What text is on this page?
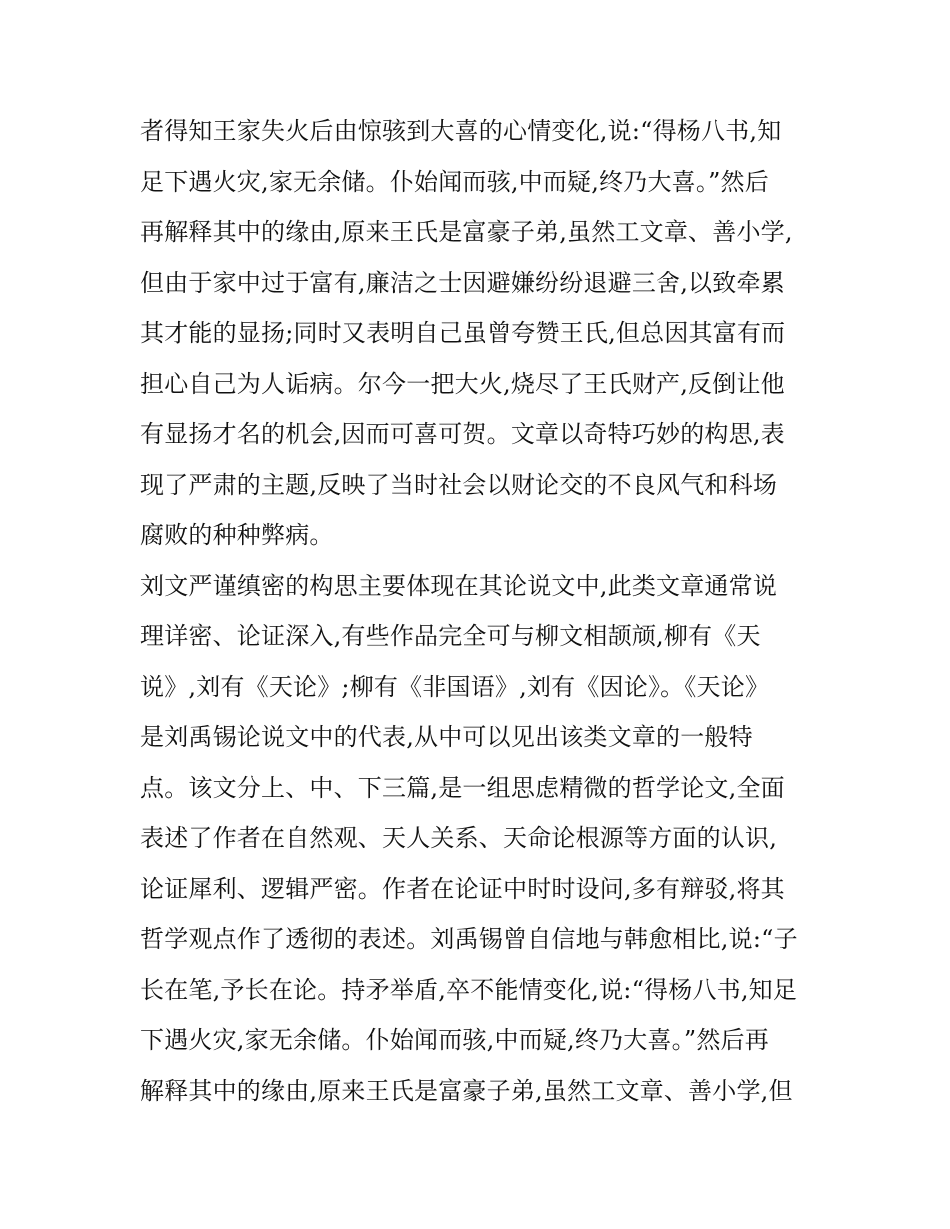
者得知王家失火后由惊骇到大喜的心情变化,说:“得杨八书,知
足下遇火灾,家无余储。仆始闻而骇,中而疑,终乃大喜。”然后
再解释其中的缘由,原来王氏是富豪子弟,虽然工文章、善小学,
但由于家中过于富有,廉洁之士因避嫌纷纷退避三舍,以致牵累
其才能的显扬;同时又表明自己虽曾夸赞王氏,但总因其富有而
担心自己为人诟病。尔今一把大火,烧尽了王氏财产,反倒让他
有显扬才名的机会,因而可喜可贺。文章以奇特巧妙的构思,表
现了严肃的主题,反映了当时社会以财论交的不良风气和科场
腐败的种种弊病。
刘文严谨缜密的构思主要体现在其论说文中,此类文章通常说
理详密、论证深入,有些作品完全可与柳文相颉颃,柳有《天
说》,刘有《天论》;柳有《非国语》,刘有《因论》。《天论》
是刘禹锡论说文中的代表,从中可以见出该类文章的一般特
点。该文分上、中、下三篇,是一组思虑精微的哲学论文,全面
表述了作者在自然观、天人关系、天命论根源等方面的认识,
论证犀利、逻辑严密。作者在论证中时时设问,多有辩驳,将其
哲学观点作了透彻的表述。刘禹锡曾自信地与韩愈相比,说:“子
长在笔,予长在论。持矛举盾,卒不能情变化,说:“得杨八书,知足
下遇火灾,家无余储。仆始闻而骇,中而疑,终乃大喜。”然后再
解释其中的缘由,原来王氏是富豪子弟,虽然工文章、善小学,但
